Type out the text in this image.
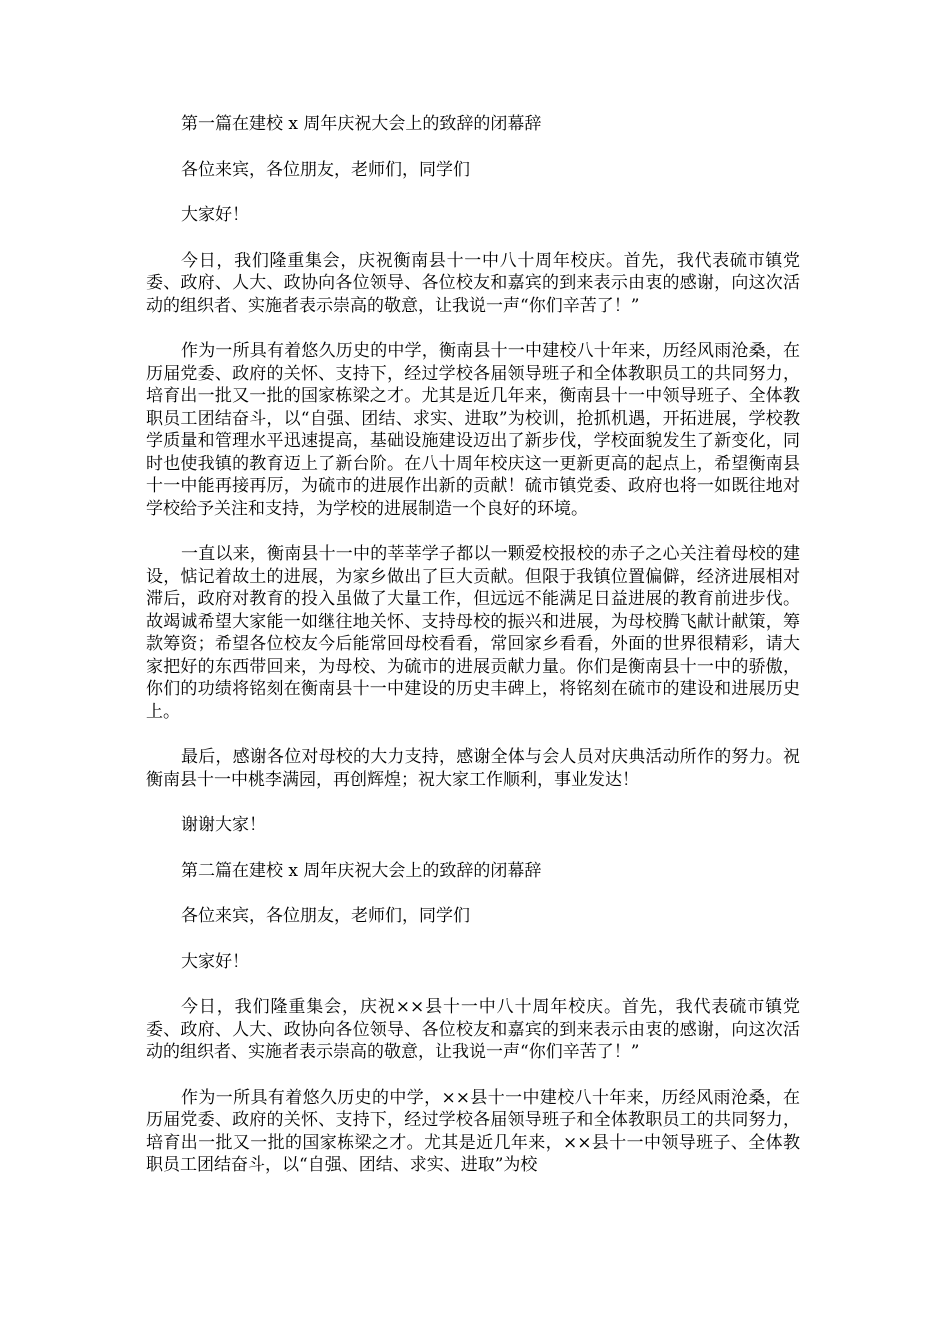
第一篇在建校 x 周年庆祝大会上的致辞的闭幕辞

各位来宾，各位朋友，老师们，同学们

大家好！

今日，我们隆重集会，庆祝衡南县十一中八十周年校庆。首先，我代表硫市镇党委、政府、人大、政协向各位领导、各位校友和嘉宾的到来表示由衷的感谢，向这次活动的组织者、实施者表示崇高的敬意，让我说一声“你们辛苦了！”

作为一所具有着悠久历史的中学，衡南县十一中建校八十年来，历经风雨沧桑，在历届党委、政府的关怀、支持下，经过学校各届领导班子和全体教职员工的共同努力，培育出一批又一批的国家栋梁之才。尤其是近几年来，衡南县十一中领导班子、全体教职员工团结奋斗，以“自强、团结、求实、进取”为校训，抢抓机遇，开拓进展，学校教学质量和管理水平迅速提高，基础设施建设迈出了新步伐，学校面貌发生了新变化，同时也使我镇的教育迈上了新台阶。在八十周年校庆这一更新更高的起点上，希望衡南县十一中能再接再厉，为硫市的进展作出新的贡献！硫市镇党委、政府也将一如既往地对学校给予关注和支持，为学校的进展制造一个良好的环境。

一直以来，衡南县十一中的莘莘学子都以一颗爱校报校的赤子之心关注着母校的建设，惦记着故土的进展，为家乡做出了巨大贡献。但限于我镇位置偏僻，经济进展相对滞后，政府对教育的投入虽做了大量工作，但远远不能满足日益进展的教育前进步伐。故竭诚希望大家能一如继往地关怀、支持母校的振兴和进展，为母校腾飞献计献策，筹款筹资；希望各位校友今后能常回母校看看，常回家乡看看，外面的世界很精彩，请大家把好的东西带回来，为母校、为硫市的进展贡献力量。你们是衡南县十一中的骄傲，你们的功绩将铭刻在衡南县十一中建设的历史丰碑上，将铭刻在硫市的建设和进展历史上。

最后，感谢各位对母校的大力支持，感谢全体与会人员对庆典活动所作的努力。祝衡南县十一中桃李满园，再创辉煌；祝大家工作顺利，事业发达！

谢谢大家！

第二篇在建校 x 周年庆祝大会上的致辞的闭幕辞

各位来宾，各位朋友，老师们，同学们

大家好！

今日，我们隆重集会，庆祝××县十一中八十周年校庆。首先，我代表硫市镇党委、政府、人大、政协向各位领导、各位校友和嘉宾的到来表示由衷的感谢，向这次活动的组织者、实施者表示崇高的敬意，让我说一声“你们辛苦了！”

作为一所具有着悠久历史的中学，××县十一中建校八十年来，历经风雨沧桑，在历届党委、政府的关怀、支持下，经过学校各届领导班子和全体教职员工的共同努力，培育出一批又一批的国家栋梁之才。尤其是近几年来，××县十一中领导班子、全体教职员工团结奋斗，以“自强、团结、求实、进取”为校
